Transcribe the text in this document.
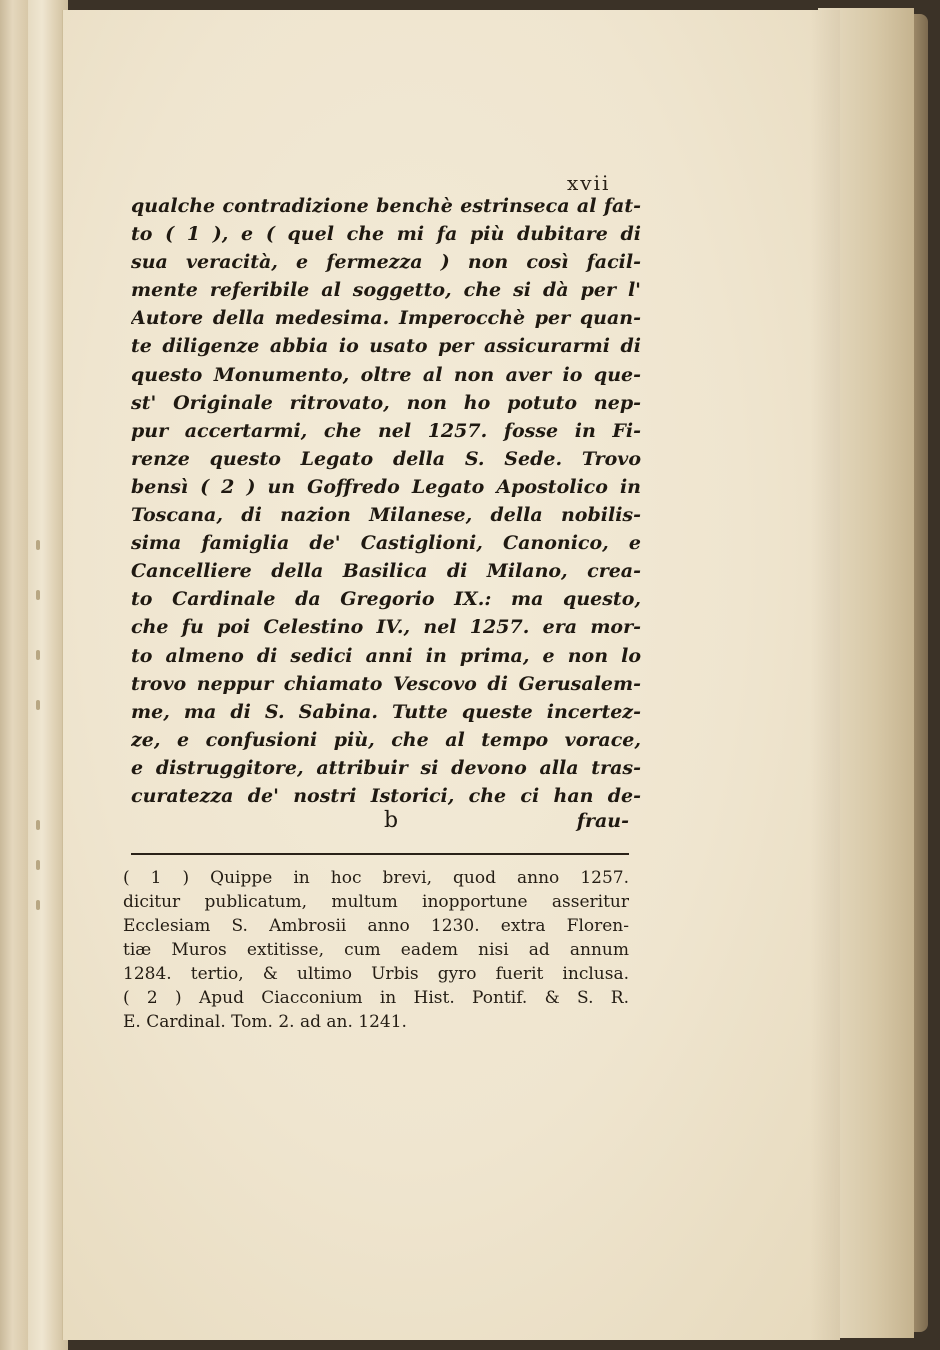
xvii
qualche contradizione benchè estrinseca al fat-
to ( 1 ), e ( quel che mi fa più dubitare di
sua veracità, e fermezza ) non così facil-
mente referibile al soggetto, che si dà per l'
Autore della medesima. Imperocchè per quan-
te diligenze abbia io usato per assicurarmi di
questo Monumento, oltre al non aver io que-
st' Originale ritrovato, non ho potuto nep-
pur accertarmi, che nel 1257. fosse in Fi-
renze questo Legato della S. Sede. Trovo
bensì ( 2 ) un Goffredo Legato Apostolico in
Toscana, di nazion Milanese, della nobilis-
sima famiglia de' Castiglioni, Canonico, e
Cancelliere della Basilica di Milano, crea-
to Cardinale da Gregorio IX.: ma questo,
che fu poi Celestino IV., nel 1257. era mor-
to almeno di sedici anni in prima, e non lo
trovo neppur chiamato Vescovo di Gerusalem-
me, ma di S. Sabina. Tutte queste incertez-
ze, e confusioni più, che al tempo vorace,
e distruggitore, attribuir si devono alla tras-
curatezza de' nostri Istorici, che ci han de-
b	frau-
( 1 ) Quippe in hoc brevi, quod anno 1257.
dicitur publicatum, multum inopportune asseritur
Ecclesiam S. Ambrosii anno 1230. extra Floren-
tiæ Muros extitisse, cum eadem nisi ad annum
1284. tertio, & ultimo Urbis gyro fuerit inclusa.
( 2 ) Apud Ciacconium in Hist. Pontif. & S. R.
E. Cardinal. Tom. 2. ad an. 1241.
